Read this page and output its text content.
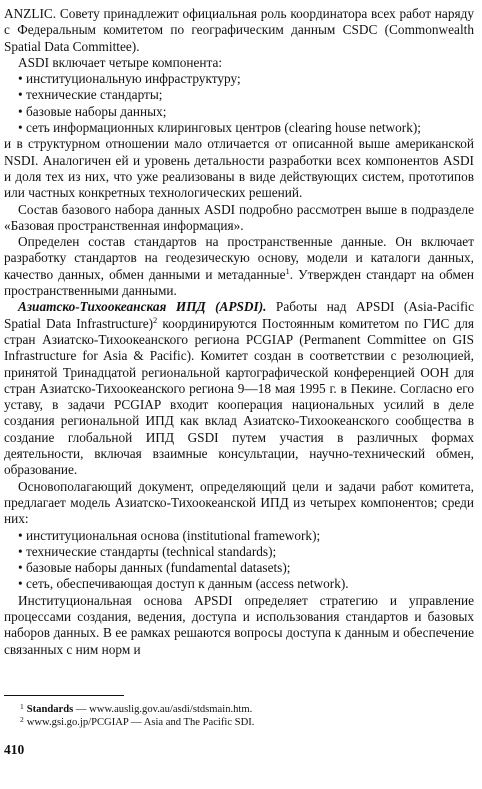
ANZLIC. Совету принадлежит официальная роль координатора всех работ наряду с Федеральным комитетом по географическим данным CSDC (Commonwealth Spatial Data Committee).

ASDI включает четыре компонента:

• институциональную инфраструктуру;

• технические стандарты;

• базовые наборы данных;

• сеть информационных клиринговых центров (clearing house network);

и в структурном отношении мало отличается от описанной выше американской NSDI. Аналогичен ей и уровень детальности разработки всех компонентов ASDI и доля тех из них, что уже реализованы в виде действующих систем, прототипов или частных конкретных технологических решений.

Состав базового набора данных ASDI подробно рассмотрен выше в подразделе «Базовая пространственная информация».

Определен состав стандартов на пространственные данные. Он включает разработку стандартов на геодезическую основу, модели и каталоги данных, качество данных, обмен данными и метаданные$^1$. Утвержден стандарт на обмен пространственными данными.

Азиатско-Тихоокеанская ИПД (APSDI). Работы над APSDI (Asia-Pacific Spatial Data Infrastructure)$^2$ координируются Постоянным комитетом по ГИС для стран Азиатско-Тихоокеанского региона PCGIAP (Permanent Committee on GIS Infrastructure for Asia & Pacific). Комитет создан в соответствии с резолюцией, принятой Тринадцатой региональной картографической конференцией ООН для стран Азиатско-Тихоокеанского региона 9—18 мая 1995 г. в Пекине. Согласно его уставу, в задачи PCGIAP входит кооперация национальных усилий в деле создания региональной ИПД как вклад Азиатско-Тихоокеанского сообщества в создание глобальной ИПД GSDI путем участия в различных формах деятельности, включая взаимные консультации, научно-технический обмен, образование.

Основополагающий документ, определяющий цели и задачи работ комитета, предлагает модель Азиатско-Тихоокеанской ИПД из четырех компонентов; среди них:

• институциональная основа (institutional framework);

• технические стандарты (technical standards);

• базовые наборы данных (fundamental datasets);

• сеть, обеспечивающая доступ к данным (access network).

Институциональная основа APSDI определяет стратегию и управление процессами создания, ведения, доступа и использования стандартов и базовых наборов данных. В ее рамках решаются вопросы доступа к данным и обеспечение связанных с ним норм и

$^1$ Standards — www.auslig.gov.au/asdi/stdsmain.htm.

$^2$ www.gsi.go.jp/PCGIAP — Asia and The Pacific SDI.

410
